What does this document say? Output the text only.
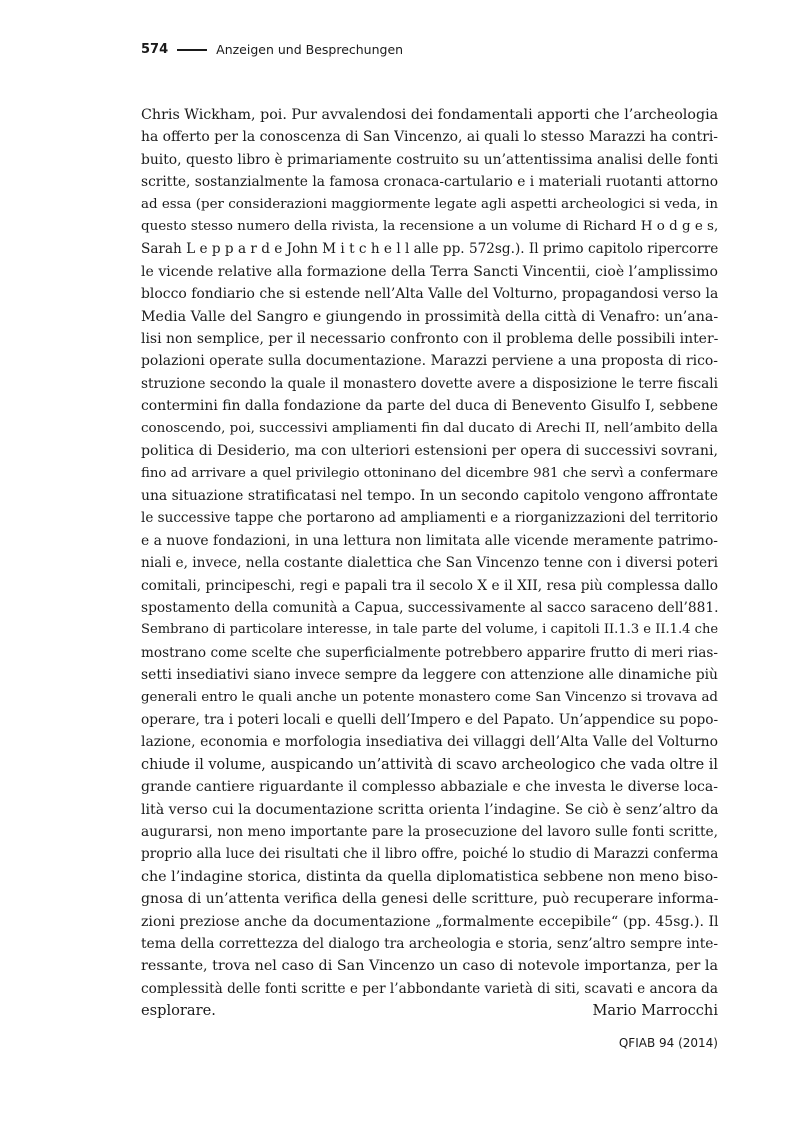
574	Anzeigen und Besprechungen
Chris Wickham, poi. Pur avvalendosi dei fondamentali apporti che l’archeologia
ha offerto per la conoscenza di San Vincenzo, ai quali lo stesso Marazzi ha contri-
buito, questo libro è primariamente costruito su un’attentissima analisi delle fonti
scritte, sostanzialmente la famosa cronaca-cartulario e i materiali ruotanti attorno
ad essa (per considerazioni maggiormente legate agli aspetti archeologici si veda, in
questo stesso numero della rivista, la recensione a un volume di Richard H o d g e s,
Sarah L e p p a r d e John M i t c h e l l alle pp. 572sg.). Il primo capitolo ripercorre
le vicende relative alla formazione della Terra Sancti Vincentii, cioè l’amplissimo
blocco fondiario che si estende nell’Alta Valle del Volturno, propagandosi verso la
Media Valle del Sangro e giungendo in prossimità della città di Venafro: un’ana-
lisi non semplice, per il necessario confronto con il problema delle possibili inter-
polazioni operate sulla documentazione. Marazzi perviene a una proposta di rico-
struzione secondo la quale il monastero dovette avere a disposizione le terre fiscali
contermini fin dalla fondazione da parte del duca di Benevento Gisulfo I, sebbene
conoscendo, poi, successivi ampliamenti fin dal ducato di Arechi II, nell’ambito della
politica di Desiderio, ma con ulteriori estensioni per opera di successivi sovrani,
fino ad arrivare a quel privilegio ottoninano del dicembre 981 che servì a confermare
una situazione stratificatasi nel tempo. In un secondo capitolo vengono affrontate
le successive tappe che portarono ad ampliamenti e a riorganizzazioni del territorio
e a nuove fondazioni, in una lettura non limitata alle vicende meramente patrimo-
niali e, invece, nella costante dialettica che San Vincenzo tenne con i diversi poteri
comitali, principeschi, regi e papali tra il secolo X e il XII, resa più complessa dallo
spostamento della comunità a Capua, successivamente al sacco saraceno dell’881.
Sembrano di particolare interesse, in tale parte del volume, i capitoli II.1.3 e II.1.4 che
mostrano come scelte che superficialmente potrebbero apparire frutto di meri rias-
setti insediativi siano invece sempre da leggere con attenzione alle dinamiche più
generali entro le quali anche un potente monastero come San Vincenzo si trovava ad
operare, tra i poteri locali e quelli dell’Impero e del Papato. Un’appendice su popo-
lazione, economia e morfologia insediativa dei villaggi dell’Alta Valle del Volturno
chiude il volume, auspicando un’attività di scavo archeologico che vada oltre il
grande cantiere riguardante il complesso abbaziale e che investa le diverse loca-
lità verso cui la documentazione scritta orienta l’indagine. Se ciò è senz’altro da
augurarsi, non meno importante pare la prosecuzione del lavoro sulle fonti scritte,
proprio alla luce dei risultati che il libro offre, poiché lo studio di Marazzi conferma
che l’indagine storica, distinta da quella diplomatistica sebbene non meno biso-
gnosa di un’attenta verifica della genesi delle scritture, può recuperare informa-
zioni preziose anche da documentazione „formalmente eccepibile“ (pp. 45sg.). Il
tema della correttezza del dialogo tra archeologia e storia, senz’altro sempre inte-
ressante, trova nel caso di San Vincenzo un caso di notevole importanza, per la
complessità delle fonti scritte e per l’abbondante varietà di siti, scavati e ancora da
esplorare.	Mario Marrocchi
QFIAB 94 (2014)
